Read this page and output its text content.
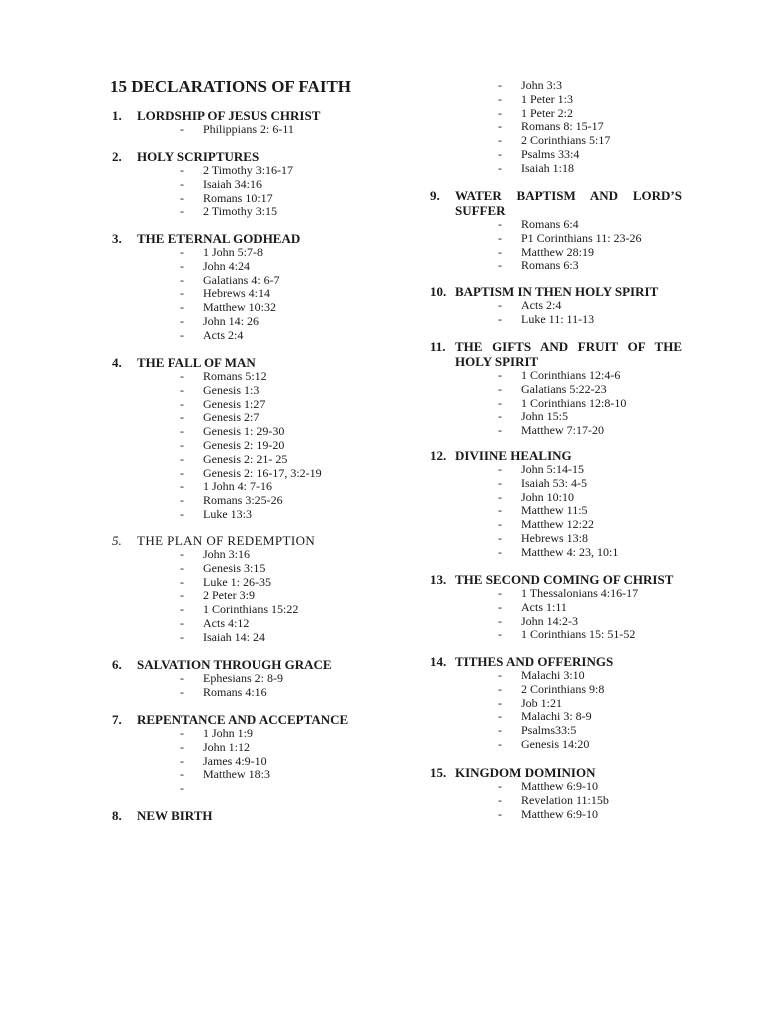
15 DECLARATIONS OF FAITH
1.	LORDSHIP OF JESUS CHRIST
-	Philippians 2: 6-11
2.	HOLY SCRIPTURES
-	2 Timothy 3:16-17
-	Isaiah 34:16
-	Romans 10:17
-	2 Timothy 3:15
3.	THE ETERNAL GODHEAD
-	1 John 5:7-8
-	John 4:24
-	Galatians 4: 6-7
-	Hebrews 4:14
-	Matthew 10:32
-	John 14: 26
-	Acts 2:4
4.	THE FALL OF MAN
-	Romans 5:12
-	Genesis 1:3
-	Genesis 1:27
-	Genesis 2:7
-	Genesis 1: 29-30
-	Genesis 2: 19-20
-	Genesis 2: 21- 25
-	Genesis 2: 16-17, 3:2-19
-	1 John 4: 7-16
-	Romans 3:25-26
-	Luke 13:3
5.	THE PLAN OF REDEMPTION
-	John 3:16
-	Genesis 3:15
-	Luke 1: 26-35
-	2 Peter 3:9
-	1 Corinthians 15:22
-	Acts 4:12
-	Isaiah 14: 24
6.	SALVATION THROUGH GRACE
-	Ephesians 2: 8-9
-	Romans 4:16
7.	REPENTANCE AND ACCEPTANCE
-	1 John 1:9
-	John 1:12
-	James 4:9-10
-	Matthew 18:3
-
8.	NEW BIRTH
-	John 3:3
-	1 Peter 1:3
-	1 Peter 2:2
-	Romans 8: 15-17
-	2 Corinthians 5:17
-	Psalms 33:4
-	Isaiah 1:18
9.	WATER BAPTISM AND LORD’S SUFFER
-	Romans 6:4
-	P1 Corinthians 11: 23-26
-	Matthew 28:19
-	Romans 6:3
10. BAPTISM IN THEN HOLY SPIRIT
-	Acts 2:4
-	Luke 11: 11-13
11. THE GIFTS AND FRUIT OF THE HOLY SPIRIT
-	1 Corinthians 12:4-6
-	Galatians 5:22-23
-	1 Corinthians 12:8-10
-	John 15:5
-	Matthew 7:17-20
12. DIVIINE HEALING
-	John 5:14-15
-	Isaiah 53: 4-5
-	John 10:10
-	Matthew 11:5
-	Matthew 12:22
-	Hebrews 13:8
-	Matthew 4: 23, 10:1
13. THE SECOND COMING OF CHRIST
-	1 Thessalonians 4:16-17
-	Acts 1:11
-	John 14:2-3
-	1 Corinthians 15: 51-52
14. TITHES AND OFFERINGS
-	Malachi 3:10
-	2 Corinthians 9:8
-	Job 1:21
-	Malachi 3: 8-9
-	Psalms33:5
-	Genesis 14:20
15. KINGDOM DOMINION
-	Matthew 6:9-10
-	Revelation 11:15b
-	Matthew 6:9-10
